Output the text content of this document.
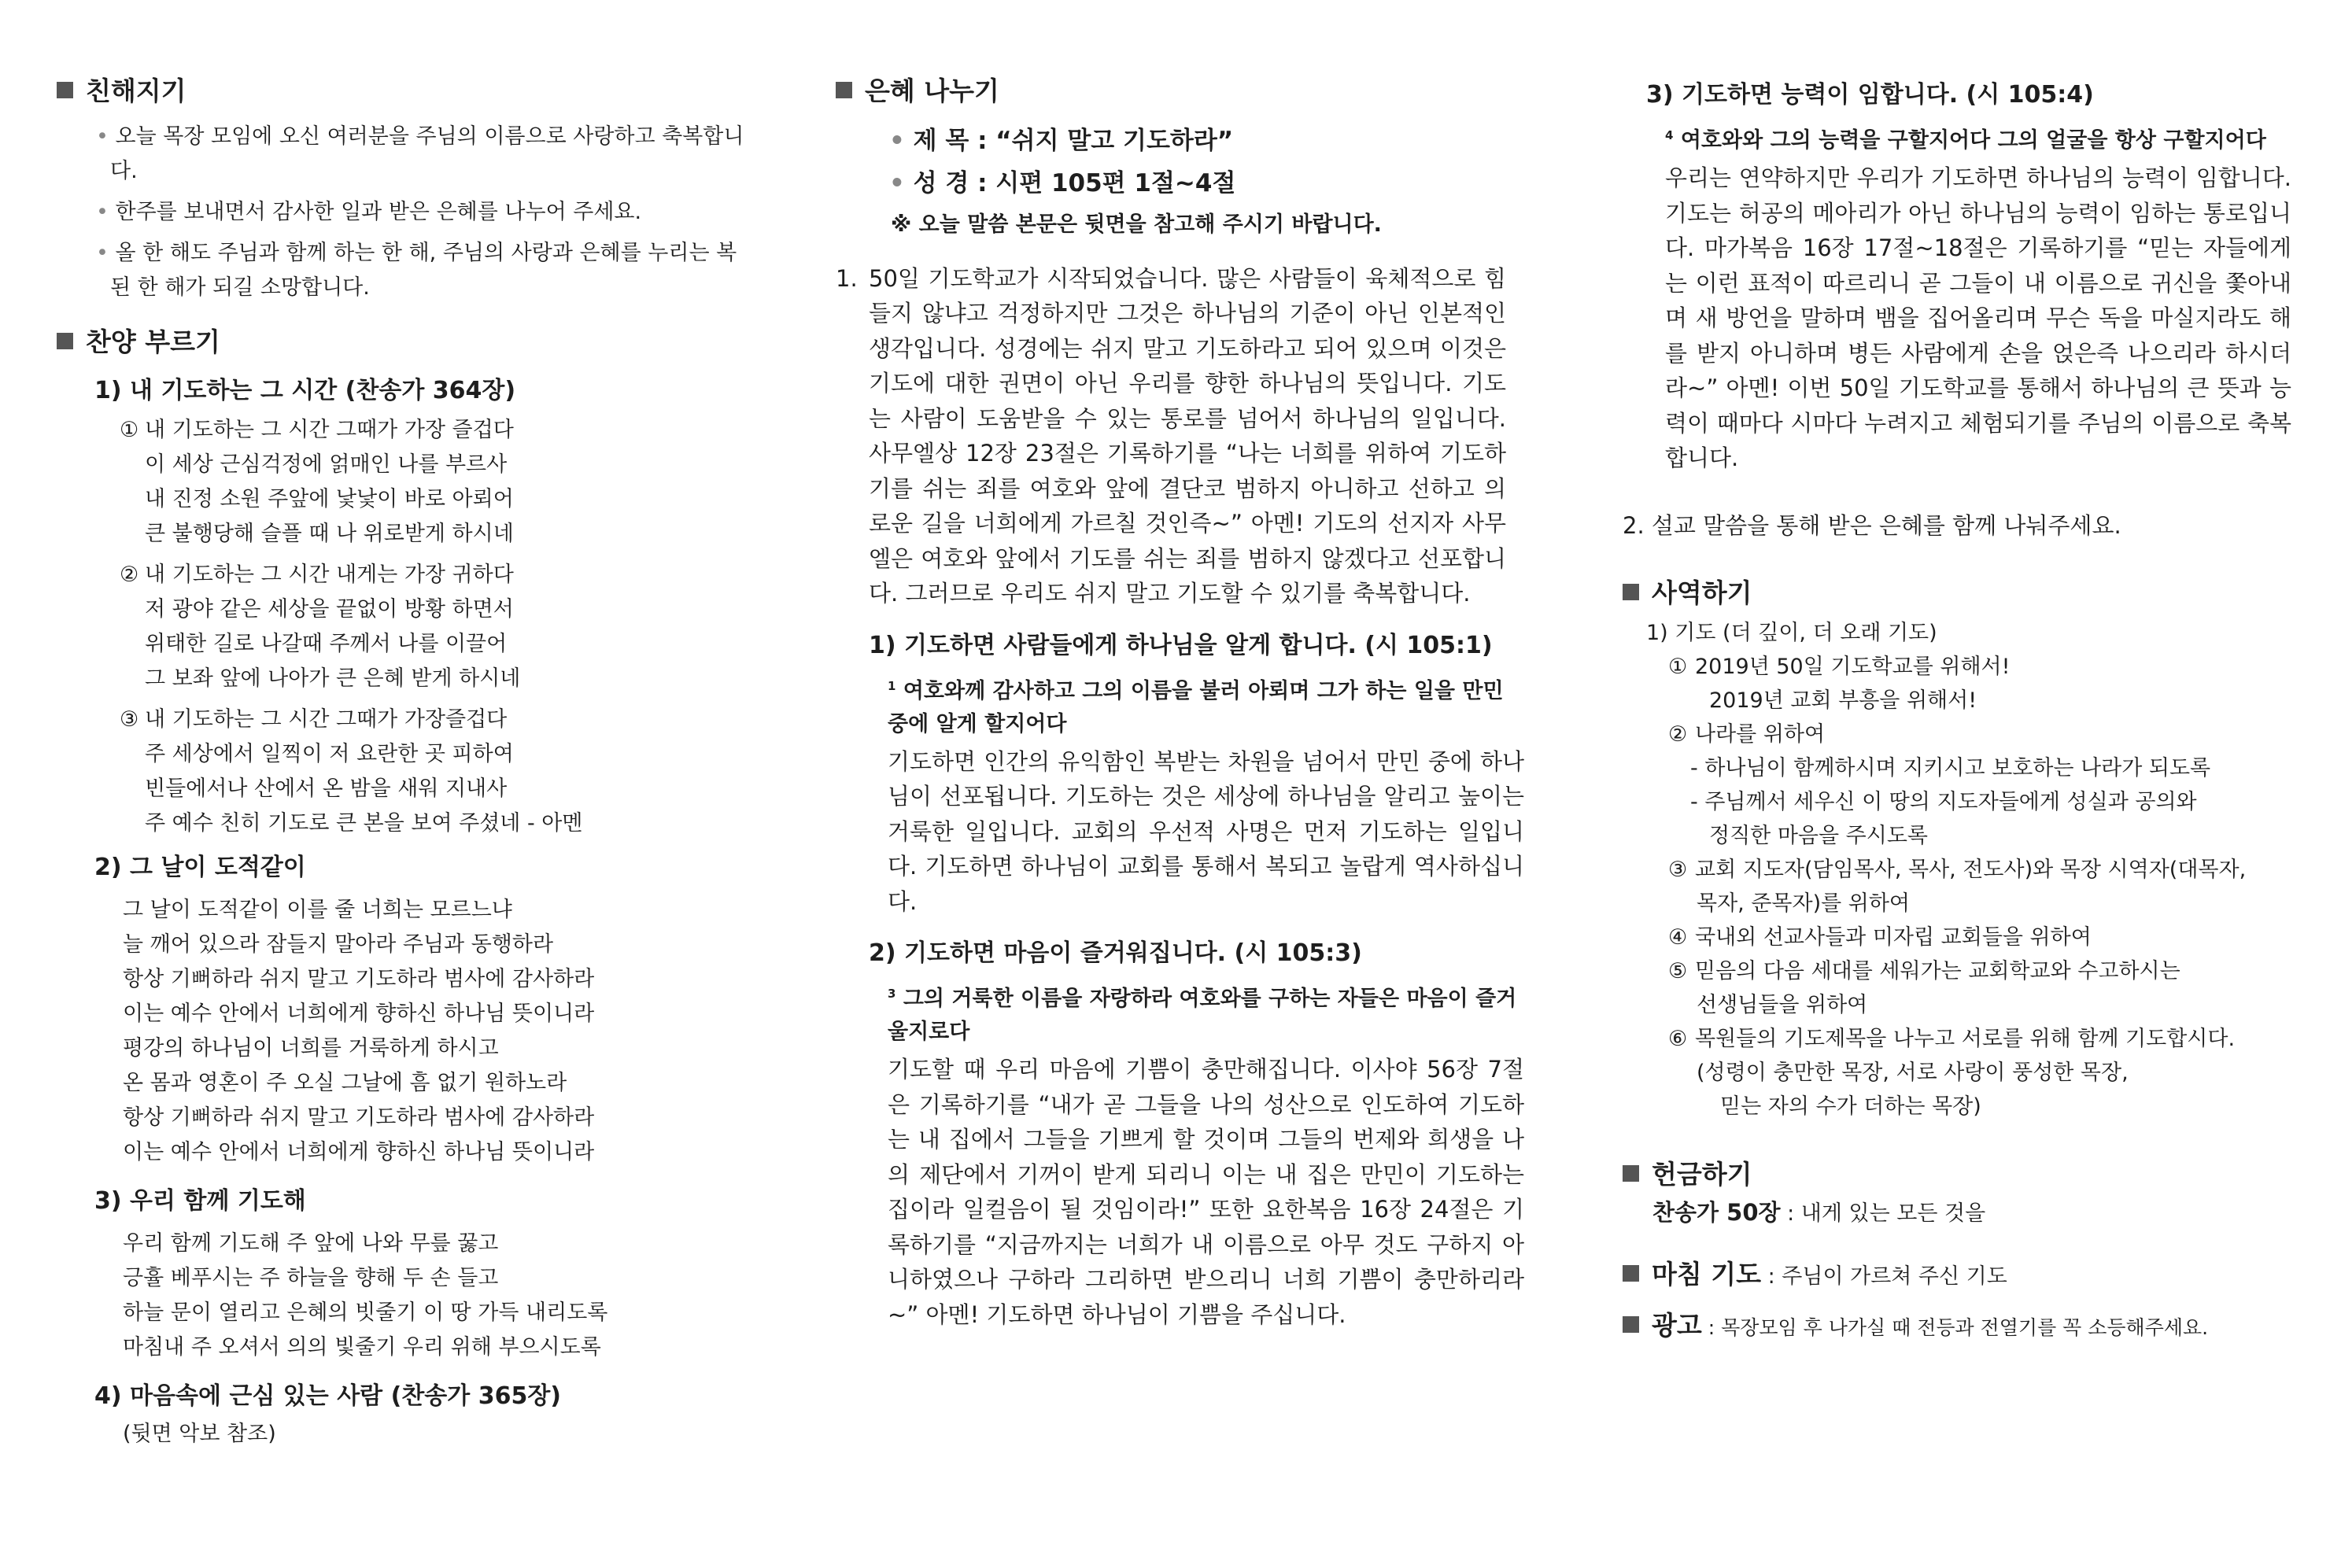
친해지기
• 오늘 목장 모임에 오신 여러분을 주님의 이름으로 사랑하고 축복합니다.
• 한주를 보내면서 감사한 일과 받은 은혜를 나누어 주세요.
• 올 한 해도 주님과 함께 하는 한 해, 주님의 사랑과 은혜를 누리는 복된 한 해가 되길 소망합니다.
찬양 부르기
1) 내 기도하는 그 시간 (찬송가 364장)
① 내 기도하는 그 시간 그때가 가장 즐겁다
이 세상 근심걱정에 얽매인 나를 부르사
내 진정 소원 주앞에 낯낯이 바로 아뢰어
큰 불행당해 슬플 때 나 위로받게 하시네
② 내 기도하는 그 시간 내게는 가장 귀하다
저 광야 같은 세상을 끝없이 방황 하면서
위태한 길로 나갈때 주께서 나를 이끌어
그 보좌 앞에 나아가 큰 은혜 받게 하시네
③ 내 기도하는 그 시간 그때가 가장즐겁다
주 세상에서 일찍이 저 요란한 곳 피하여
빈들에서나 산에서 온 밤을 새워 지내사
주 예수 친히 기도로 큰 본을 보여 주셨네 - 아멘
2) 그 날이 도적같이
그 날이 도적같이 이를 줄 너희는 모르느냐
늘 깨어 있으라 잠들지 말아라 주님과 동행하라
항상 기뻐하라 쉬지 말고 기도하라 범사에 감사하라
이는 예수 안에서 너희에게 향하신 하나님 뜻이니라
평강의 하나님이 너희를 거룩하게 하시고
온 몸과 영혼이 주 오실 그날에 흠 없기 원하노라
항상 기뻐하라 쉬지 말고 기도하라 범사에 감사하라
이는 예수 안에서 너희에게 향하신 하나님 뜻이니라
3) 우리 함께 기도해
우리 함께 기도해 주 앞에 나와 무릎 꿇고
긍휼 베푸시는 주 하늘을 향해 두 손 들고
하늘 문이 열리고 은혜의 빗줄기 이 땅 가득 내리도록
마침내 주 오셔서 의의 빛줄기 우리 위해 부으시도록
4) 마음속에 근심 있는 사람 (찬송가 365장)
(뒷면 악보 참조)
은혜 나누기
• 제 목 : “쉬지 말고 기도하라”
• 성 경 : 시편 105편 1절~4절
※ 오늘 말씀 본문은 뒷면을 참고해 주시기 바랍니다.
1. 50일 기도학교가 시작되었습니다. 많은 사람들이 육체적으로 힘들지 않냐고 걱정하지만 그것은 하나님의 기준이 아닌 인본적인 생각입니다. 성경에는 쉬지 말고 기도하라고 되어 있으며 이것은 기도에 대한 권면이 아닌 우리를 향한 하나님의 뜻입니다. 기도는 사람이 도움받을 수 있는 통로를 넘어서 하나님의 일입니다. 사무엘상 12장 23절은 기록하기를 “나는 너희를 위하여 기도하기를 쉬는 죄를 여호와 앞에 결단코 범하지 아니하고 선하고 의로운 길을 너희에게 가르칠 것인즉~” 아멘! 기도의 선지자 사무엘은 여호와 앞에서 기도를 쉬는 죄를 범하지 않겠다고 선포합니다. 그러므로 우리도 쉬지 말고 기도할 수 있기를 축복합니다.
1) 기도하면 사람들에게 하나님을 알게 합니다. (시 105:1)
$^1$ 여호와께 감사하고 그의 이름을 불러 아뢰며 그가 하는 일을 만민 중에 알게 할지어다
기도하면 인간의 유익함인 복받는 차원을 넘어서 만민 중에 하나님이 선포됩니다. 기도하는 것은 세상에 하나님을 알리고 높이는 거룩한 일입니다. 교회의 우선적 사명은 먼저 기도하는 일입니다. 기도하면 하나님이 교회를 통해서 복되고 놀랍게 역사하십니다.
2) 기도하면 마음이 즐거워집니다. (시 105:3)
$^3$ 그의 거룩한 이름을 자랑하라 여호와를 구하는 자들은 마음이 즐거울지로다
기도할 때 우리 마음에 기쁨이 충만해집니다. 이사야 56장 7절은 기록하기를 “내가 곧 그들을 나의 성산으로 인도하여 기도하는 내 집에서 그들을 기쁘게 할 것이며 그들의 번제와 희생을 나의 제단에서 기꺼이 받게 되리니 이는 내 집은 만민이 기도하는 집이라 일컬음이 될 것임이라!” 또한 요한복음 16장 24절은 기록하기를 “지금까지는 너희가 내 이름으로 아무 것도 구하지 아니하였으나 구하라 그리하면 받으리니 너희 기쁨이 충만하리라~” 아멘! 기도하면 하나님이 기쁨을 주십니다.
3) 기도하면 능력이 임합니다. (시 105:4)
$^4$ 여호와와 그의 능력을 구할지어다 그의 얼굴을 항상 구할지어다
우리는 연약하지만 우리가 기도하면 하나님의 능력이 임합니다. 기도는 허공의 메아리가 아닌 하나님의 능력이 임하는 통로입니다. 마가복음 16장 17절~18절은 기록하기를 “믿는 자들에게는 이런 표적이 따르리니 곧 그들이 내 이름으로 귀신을 쫓아내며 새 방언을 말하며 뱀을 집어올리며 무슨 독을 마실지라도 해를 받지 아니하며 병든 사람에게 손을 얹은즉 나으리라 하시더라~” 아멘! 이번 50일 기도학교를 통해서 하나님의 큰 뜻과 능력이 때마다 시마다 누려지고 체험되기를 주님의 이름으로 축복합니다.
2. 설교 말씀을 통해 받은 은혜를 함께 나눠주세요.
사역하기
1) 기도 (더 깊이, 더 오래 기도)
① 2019년 50일 기도학교를 위해서!
2019년 교회 부흥을 위해서!
② 나라를 위하여
- 하나님이 함께하시며 지키시고 보호하는 나라가 되도록
- 주님께서 세우신 이 땅의 지도자들에게 성실과 공의와
정직한 마음을 주시도록
③ 교회 지도자(담임목사, 목사, 전도사)와 목장 시역자(대목자,
목자, 준목자)를 위하여
④ 국내외 선교사들과 미자립 교회들을 위하여
⑤ 믿음의 다음 세대를 세워가는 교회학교와 수고하시는
선생님들을 위하여
⑥ 목원들의 기도제목을 나누고 서로를 위해 함께 기도합시다.
(성령이 충만한 목장, 서로 사랑이 풍성한 목장,
믿는 자의 수가 더하는 목장)
헌금하기
찬송가 50장 : 내게 있는 모든 것을
마침 기도 : 주님이 가르쳐 주신 기도
광고 : 목장모임 후 나가실 때 전등과 전열기를 꼭 소등해주세요.
